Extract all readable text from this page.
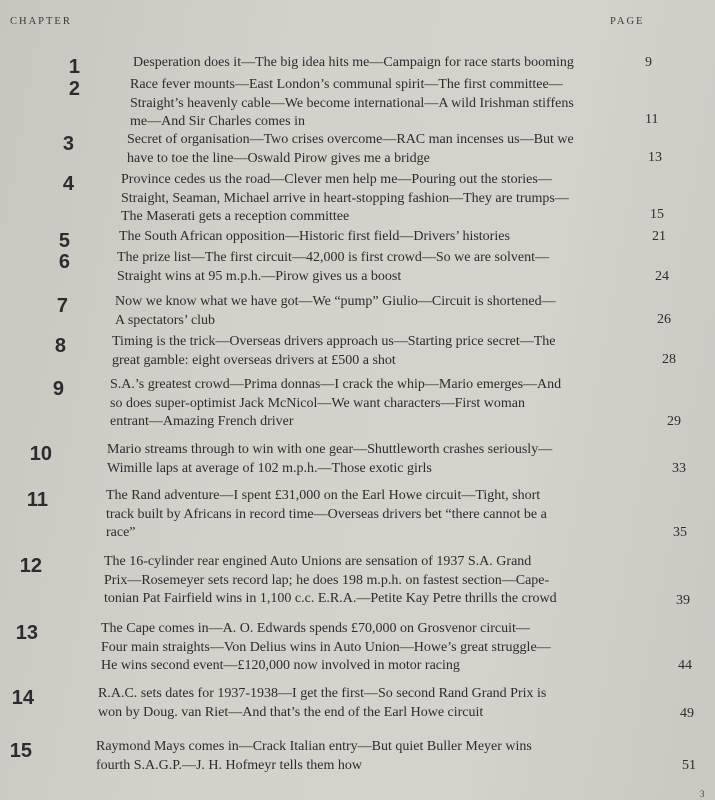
CHAPTER	PAGE
1	Desperation does it—The big idea hits me—Campaign for race starts booming	9
2	Race fever mounts—East London’s communal spirit—The first committee—
Straight’s heavenly cable—We become international—A wild Irishman stiffens
me—And Sir Charles comes in	11
3	Secret of organisation—Two crises overcome—RAC man incenses us—But we
have to toe the line—Oswald Pirow gives me a bridge	13
4	Province cedes us the road—Clever men help me—Pouring out the stories—
Straight, Seaman, Michael arrive in heart-stopping fashion—They are trumps—
The Maserati gets a reception committee	15
5	The South African opposition—Historic first field—Drivers’ histories	21
6	The prize list—The first circuit—42,000 is first crowd—So we are solvent—
Straight wins at 95 m.p.h.—Pirow gives us a boost	24
7	Now we know what we have got—We “pump” Giulio—Circuit is shortened—
A spectators’ club	26
8	Timing is the trick—Overseas drivers approach us—Starting price secret—The
great gamble: eight overseas drivers at £500 a shot	28
9	S.A.’s greatest crowd—Prima donnas—I crack the whip—Mario emerges—And
so does super-optimist Jack McNicol—We want characters—First woman
entrant—Amazing French driver	29
10	Mario streams through to win with one gear—Shuttleworth crashes seriously—
Wimille laps at average of 102 m.p.h.—Those exotic girls	33
11	The Rand adventure—I spent £31,000 on the Earl Howe circuit—Tight, short
track built by Africans in record time—Overseas drivers bet “there cannot be a
race”	35
12	The 16-cylinder rear engined Auto Unions are sensation of 1937 S.A. Grand
Prix—Rosemeyer sets record lap; he does 198 m.p.h. on fastest section—Cape-
tonian Pat Fairfield wins in 1,100 c.c. E.R.A.—Petite Kay Petre thrills the crowd	39
13	The Cape comes in—A. O. Edwards spends £70,000 on Grosvenor circuit—
Four main straights—Von Delius wins in Auto Union—Howe’s great struggle—
He wins second event—£120,000 now involved in motor racing	44
14	R.A.C. sets dates for 1937-1938—I get the first—So second Rand Grand Prix is
won by Doug. van Riet—And that’s the end of the Earl Howe circuit	49
15	Raymond Mays comes in—Crack Italian entry—But quiet Buller Meyer wins
fourth S.A.G.P.—J. H. Hofmeyr tells them how	51
3
